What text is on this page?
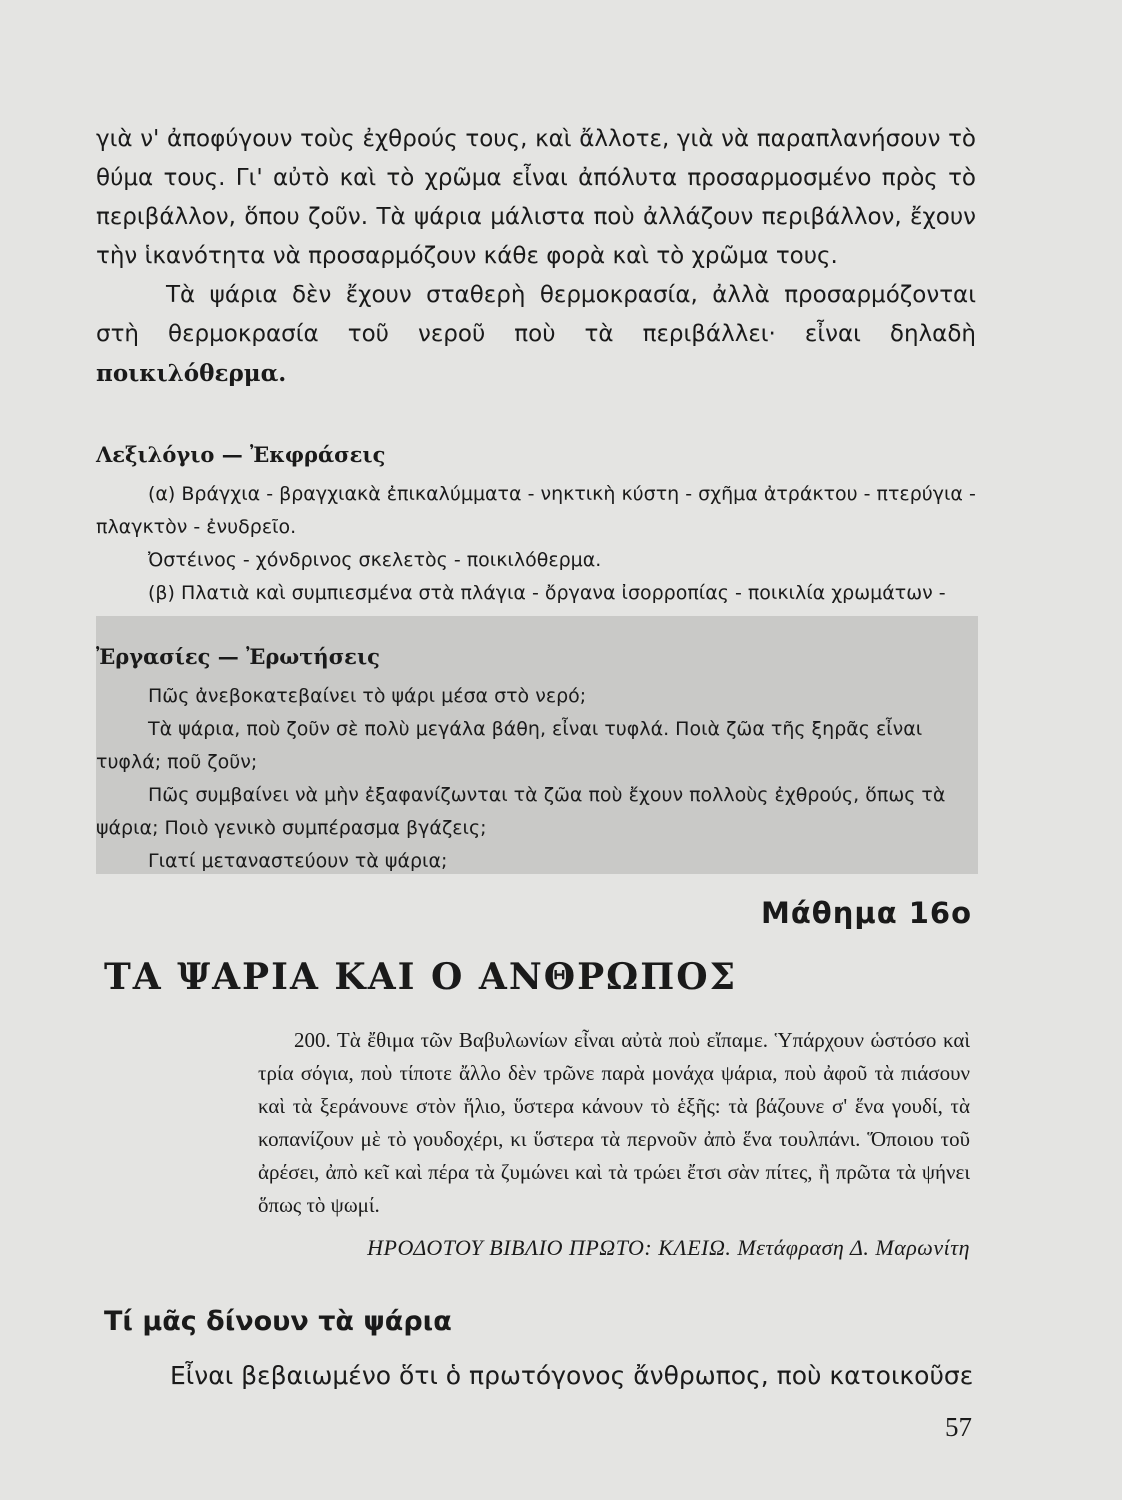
γιὰ ν' ἀποφύγουν τοὺς ἐχθρούς τους, καὶ ἄλλοτε, γιὰ νὰ παραπλανήσουν τὸ θύμα τους. Γι' αὐτὸ καὶ τὸ χρῶμα εἶναι ἀπόλυτα προσαρμοσμένο πρὸς τὸ περιβάλλον, ὅπου ζοῦν. Τὰ ψάρια μάλιστα ποὺ ἀλλάζουν περιβάλλον, ἔχουν τὴν ἱκανότητα νὰ προσαρμόζουν κάθε φορὰ καὶ τὸ χρῶμα τους.

Τὰ ψάρια δὲν ἔχουν σταθερὴ θερμοκρασία, ἀλλὰ προσαρμόζονται στὴ θερμοκρασία τοῦ νεροῦ ποὺ τὰ περιβάλλει· εἶναι δηλαδὴ ποικιλόθερμα.

Λεξιλόγιο — Ἐκφράσεις

(α) Βράγχια - βραγχιακὰ ἐπικαλύμματα - νηκτικὴ κύστη - σχῆμα ἀτράκτου - πτερύγια - πλαγκτὸν - ἐνυδρεῖο.

Ὀστέινος - χόνδρινος σκελετὸς - ποικιλόθερμα.

(β) Πλατιὰ καὶ συμπιεσμένα στὰ πλάγια - ὄργανα ἰσορροπίας - ποικιλία χρωμάτων -

Ἐργασίες — Ἐρωτήσεις

Πῶς ἀνεβοκατεβαίνει τὸ ψάρι μέσα στὸ νερό;

Τὰ ψάρια, ποὺ ζοῦν σὲ πολὺ μεγάλα βάθη, εἶναι τυφλά. Ποιὰ ζῶα τῆς ξηρᾶς εἶναι τυφλά; ποῦ ζοῦν;

Πῶς συμβαίνει νὰ μὴν ἐξαφανίζωνται τὰ ζῶα ποὺ ἔχουν πολλοὺς ἐχθρούς, ὅπως τὰ ψάρια; Ποιὸ γενικὸ συμπέρασμα βγάζεις;

Γιατί μεταναστεύουν τὰ ψάρια;

Μάθημα 16ο
ΤΑ ΨΑΡΙΑ ΚΑΙ Ο ΑΝΘΡΩΠΟΣ

200. Τὰ ἔθιμα τῶν Βαβυλωνίων εἶναι αὐτὰ ποὺ εἴπαμε. Ὑπάρχουν ὡστόσο καὶ τρία σόγια, ποὺ τίποτε ἄλλο δὲν τρῶνε παρὰ μονάχα ψάρια, ποὺ ἀφοῦ τὰ πιάσουν καὶ τὰ ξεράνουνε στὸν ἥλιο, ὕστερα κάνουν τὸ ἑξῆς: τὰ βάζουνε σ' ἕνα γουδί, τὰ κοπανίζουν μὲ τὸ γουδοχέρι, κι ὕστερα τὰ περνοῦν ἀπὸ ἕνα τουλπάνι. Ὅποιου τοῦ ἀρέσει, ἀπὸ κεῖ καὶ πέρα τὰ ζυμώνει καὶ τὰ τρώει ἔτσι σὰν πίτες, ἢ πρῶτα τὰ ψήνει ὅπως τὸ ψωμί.

ΗΡΟΔΟΤΟΥ ΒΙΒΛΙΟ ΠΡΩΤΟ: ΚΛΕΙΩ. Μετάφραση Δ. Μαρωνίτη
Τί μᾶς δίνουν τὰ ψάρια

Εἶναι βεβαιωμένο ὅτι ὁ πρωτόγονος ἄνθρωπος, ποὺ κατοικοῦσε

57
